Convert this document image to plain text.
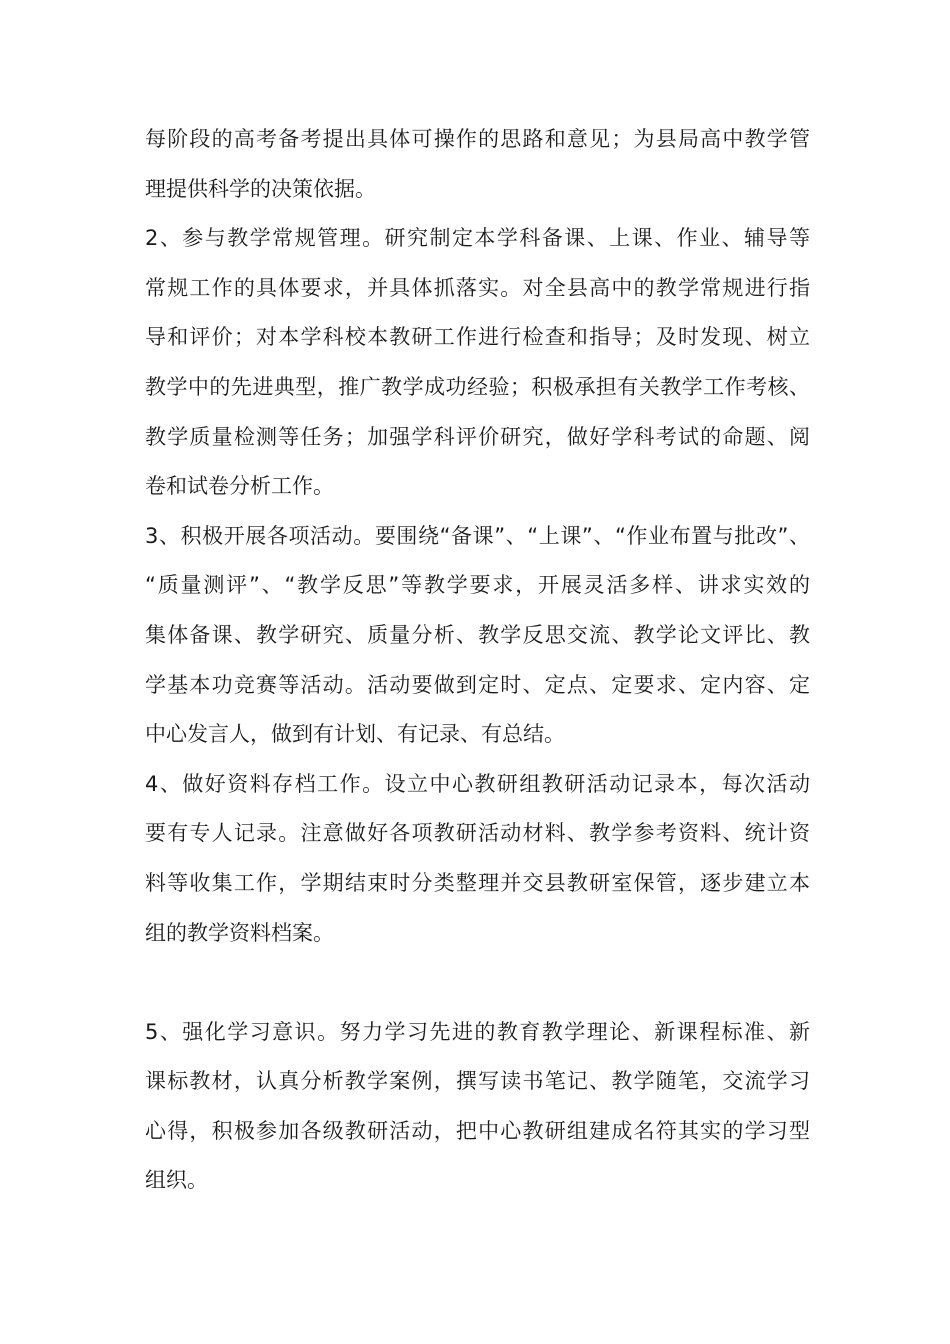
每阶段的高考备考提出具体可操作的思路和意见；为县局高中教学管
理提供科学的决策依据。
2、参与教学常规管理。研究制定本学科备课、上课、作业、辅导等
常规工作的具体要求，并具体抓落实。对全县高中的教学常规进行指
导和评价；对本学科校本教研工作进行检查和指导；及时发现、树立
教学中的先进典型，推广教学成功经验；积极承担有关教学工作考核、
教学质量检测等任务；加强学科评价研究，做好学科考试的命题、阅
卷和试卷分析工作。
3、积极开展各项活动。要围绕“备课”、“上课”、“作业布置与批改”、
“质量测评”、“教学反思”等教学要求，开展灵活多样、讲求实效的
集体备课、教学研究、质量分析、教学反思交流、教学论文评比、教
学基本功竞赛等活动。活动要做到定时、定点、定要求、定内容、定
中心发言人，做到有计划、有记录、有总结。
4、做好资料存档工作。设立中心教研组教研活动记录本，每次活动
要有专人记录。注意做好各项教研活动材料、教学参考资料、统计资
料等收集工作，学期结束时分类整理并交县教研室保管，逐步建立本
组的教学资料档案。
5、强化学习意识。努力学习先进的教育教学理论、新课程标准、新
课标教材，认真分析教学案例，撰写读书笔记、教学随笔，交流学习
心得，积极参加各级教研活动，把中心教研组建成名符其实的学习型
组织。
